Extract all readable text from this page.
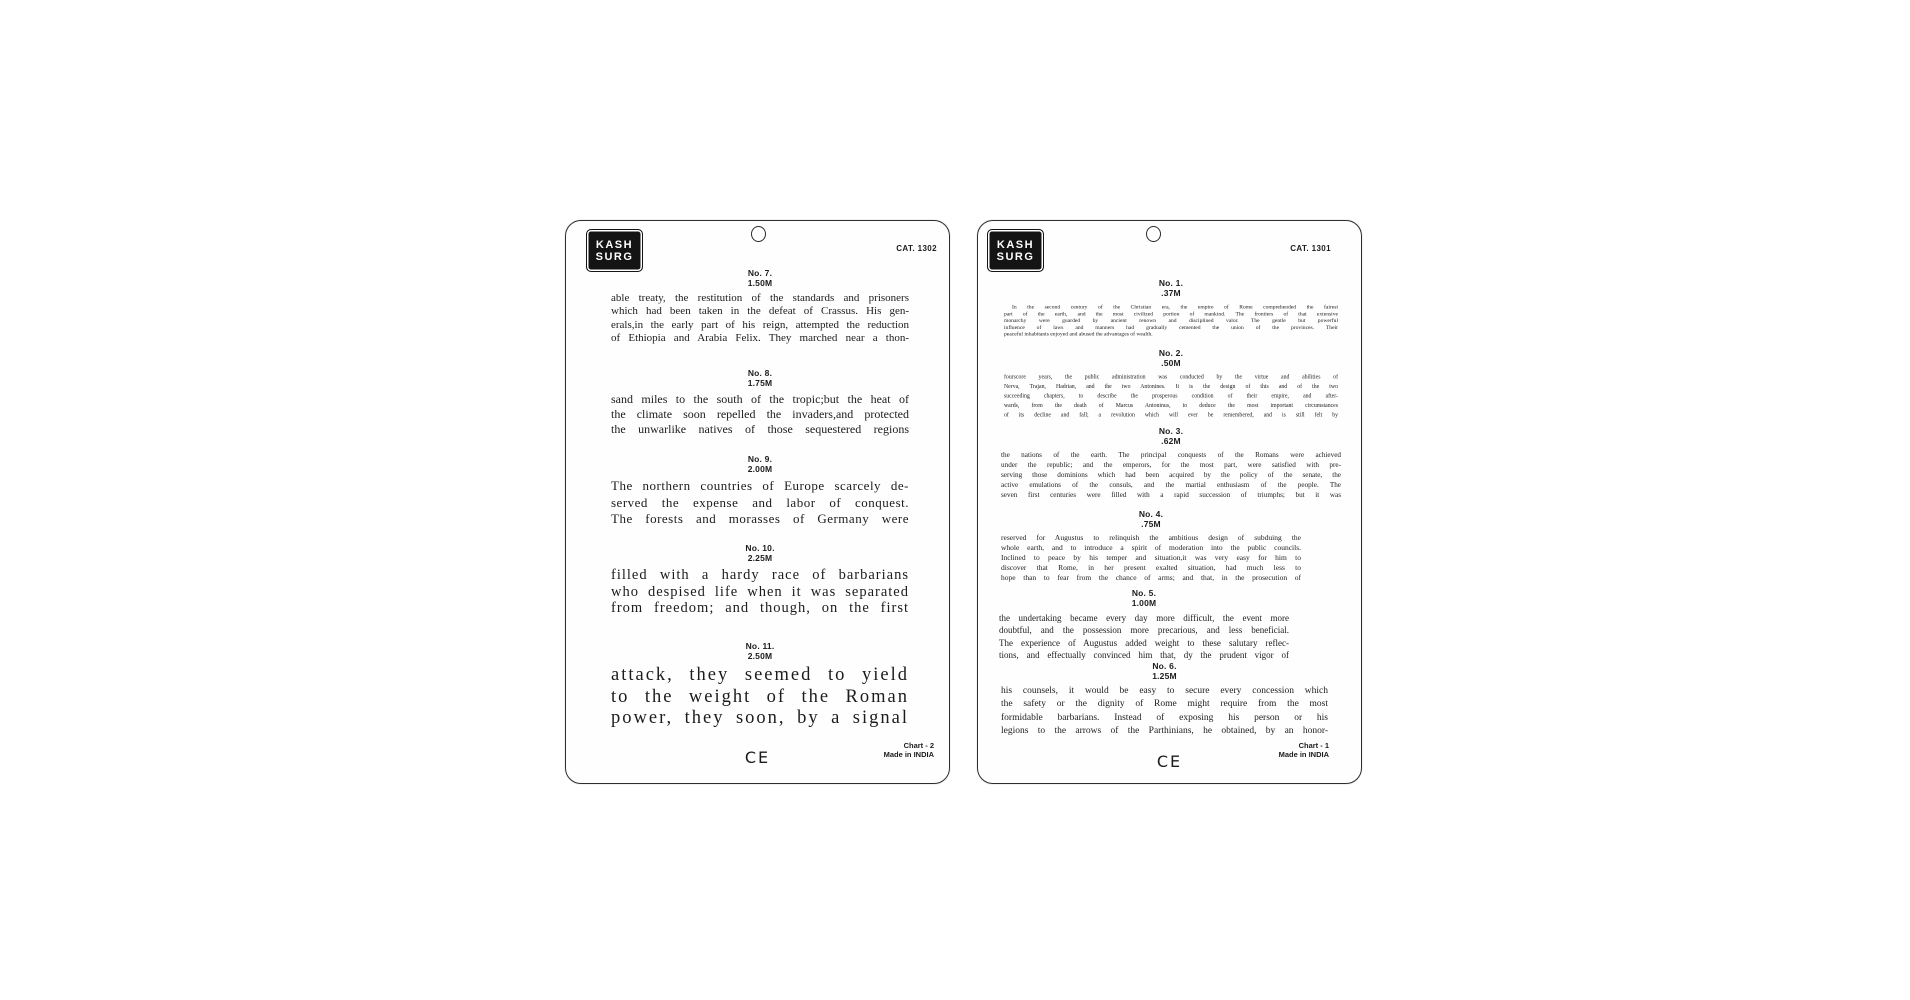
KASH
SURG
CAT. 1302
No. 7.
1.50M
able treaty, the restitution of the standards and prisoners
which had been taken in the defeat of Crassus. His gen-
erals,in the early part of his reign, attempted the reduction
of Ethiopia and Arabia Felix. They marched near a thon-
No. 8.
1.75M
sand miles to the south of the tropic;but the heat of
the climate soon repelled the invaders,and protected
the unwarlike natives of those sequestered regions
No. 9.
2.00M
The northern countries of Europe scarcely de-
served the expense and labor of conquest.
The forests and morasses of Germany were
No. 10.
2.25M
filled with a hardy race of barbarians
who despised life when it was separated
from freedom; and though, on the first
No. 11.
2.50M
attack, they seemed to yield
to the weight of the Roman
power, they soon, by a signal
Chart - 2
Made in INDIA
CE
KASH
SURG
CAT. 1301
No. 1.
.37M
In the second century of the Christian era, the empire of Rome comprehended the fairest
part of the earth, and the most civilized portion of mankind. The frontiers of that extensive
monarchy were guarded by ancient renown and disciplined valor. The gentle but powerful
influence of laws and manners had gradually cemented the union of the provinces. Their
peaceful inhabitants enjoyed and abused the advantages of wealth.
No. 2.
.50M
fourscore years, the public administration was conducted by the virtue and abilities of
Nerva, Trajan, Hadrian, and the two Antonines. It is the design of this and of the two
succeeding chapters, to describe the prosperous condition of their empire, and after-
wards, from the death of Marcus Antoninus, to deduce the most important circumstances
of its decline and fall; a revolution which will ever be remembered, and is still felt by
No. 3.
.62M
the nations of the earth. The principal conquests of the Romans were achieved
under the republic; and the emperors, for the most part, were satisfied with pre-
serving those dominions which had been acquired by the policy of the senate, the
active emulations of the consuls, and the martial enthusiasm of the people. The
seven first centuries were filled with a rapid succession of triumphs; but it was
No. 4.
.75M
reserved for Augustus to relinquish the ambitious design of subduing the
whole earth, and to introduce a spirit of moderation into the public councils.
Inclined to peace by his temper and situation,it was very easy for him to
discover that Rome, in her present exalted situation, had much less to
hope than to fear from the chance of arms; and that, in the prosecution of
No. 5.
1.00M
the undertaking became every day more difficult, the event more
doubtful, and the possession more precarious, and less beneficial.
The experience of Augustus added weight to these salutary reflec-
tions, and effectually convinced him that, dy the prudent vigor of
No. 6.
1.25M
his counsels, it would be easy to secure every concession which
the safety or the dignity of Rome might require from the most
formidable barbarians. Instead of exposing his person or his
legions to the arrows of the Parthinians, he obtained, by an honor-
Chart - 1
Made in INDIA
CE
